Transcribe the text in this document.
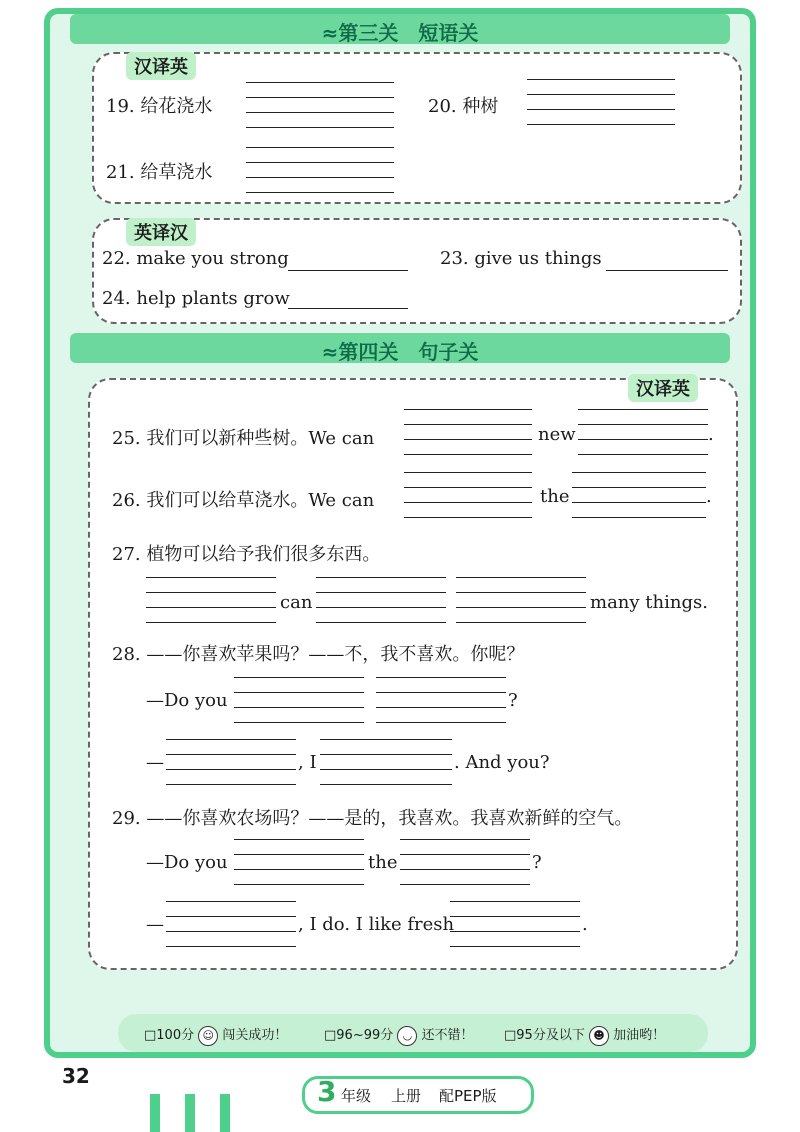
≈第三关　短语关
汉译英
19. 给花浇水	20. 种树
21. 给草浇水
英译汉
22. make you strong	23. give us things
24. help plants grow
≈第四关　句子关
汉译英
25. 我们可以新种些树。We can	new	.
26. 我们可以给草浇水。We can	the	.
27. 植物可以给予我们很多东西。
can	many things.
28. ——你喜欢苹果吗？——不，我不喜欢。你呢？
—Do you	?
—	, I	. And you?
29. ——你喜欢农场吗？——是的，我喜欢。我喜欢新鲜的空气。
—Do you	the	?
—	, I do. I like fresh	.
□100分 ☺ 闯关成功！	□96~99分 ◡ 还不错！ □95分及以下 ☻ 加油哟！
32	3 年级 上册 配PEP版
